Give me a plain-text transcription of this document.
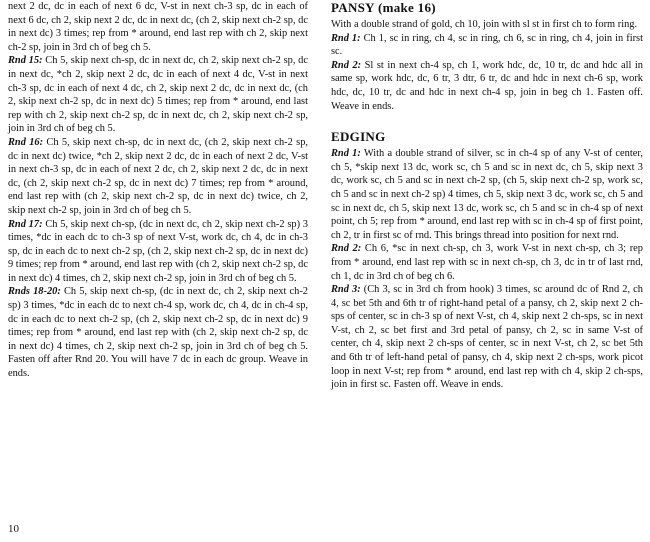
next 2 dc, dc in each of next 6 dc, V-st in next ch-3 sp, dc in each of next 6 dc, ch 2, skip next 2 dc, dc in next dc, (ch 2, skip next ch-2 sp, dc in next dc) 3 times; rep from * around, end last rep with ch 2, skip next ch-2 sp, join in 3rd ch of beg ch 5.

Rnd 15: Ch 5, skip next ch-sp, dc in next dc, ch 2, skip next ch-2 sp, dc in next dc, *ch 2, skip next 2 dc, dc in each of next 4 dc, V-st in next ch-3 sp, dc in each of next 4 dc, ch 2, skip next 2 dc, dc in next dc, (ch 2, skip next ch-2 sp, dc in next dc) 5 times; rep from * around, end last rep with ch 2, skip next ch-2 sp, dc in next dc, ch 2, skip next ch-2 sp, join in 3rd ch of beg ch 5.

Rnd 16: Ch 5, skip next ch-sp, dc in next dc, (ch 2, skip next ch-2 sp, dc in next dc) twice, *ch 2, skip next 2 dc, dc in each of next 2 dc, V-st in next ch-3 sp, dc in each of next 2 dc, ch 2, skip next 2 dc, dc in next dc, (ch 2, skip next ch-2 sp, dc in next dc) 7 times; rep from * around, end last rep with (ch 2, skip next ch-2 sp, dc in next dc) twice, ch 2, skip next ch-2 sp, join in 3rd ch of beg ch 5.

Rnd 17: Ch 5, skip next ch-sp, (dc in next dc, ch 2, skip next ch-2 sp) 3 times, *dc in each dc to ch-3 sp of next V-st, work dc, ch 4, dc in ch-3 sp, dc in each dc to next ch-2 sp, (ch 2, skip next ch-2 sp, dc in next dc) 9 times; rep from * around, end last rep with (ch 2, skip next ch-2 sp, dc in next dc) 4 times, ch 2, skip next ch-2 sp, join in 3rd ch of beg ch 5.

Rnds 18-20: Ch 5, skip next ch-sp, (dc in next dc, ch 2, skip next ch-2 sp) 3 times, *dc in each dc to next ch-4 sp, work dc, ch 4, dc in ch-4 sp, dc in each dc to next ch-2 sp, (ch 2, skip next ch-2 sp, dc in next dc) 9 times; rep from * around, end last rep with (ch 2, skip next ch-2 sp, dc in next dc) 4 times, ch 2, skip next ch-2 sp, join in 3rd ch of beg ch 5. Fasten off after Rnd 20. You will have 7 dc in each dc group. Weave in ends.

PANSY (make 16)

With a double strand of gold, ch 10, join with sl st in first ch to form ring.

Rnd 1: Ch 1, sc in ring, ch 4, sc in ring, ch 6, sc in ring, ch 4, join in first sc.

Rnd 2: Sl st in next ch-4 sp, ch 1, work hdc, dc, 10 tr, dc and hdc all in same sp, work hdc, dc, 6 tr, 3 dtr, 6 tr, dc and hdc in next ch-6 sp, work hdc, dc, 10 tr, dc and hdc in next ch-4 sp, join in beg ch 1. Fasten off. Weave in ends.

EDGING

Rnd 1: With a double strand of silver, sc in ch-4 sp of any V-st of center, ch 5, *skip next 13 dc, work sc, ch 5 and sc in next dc, ch 5, skip next 3 dc, work sc, ch 5 and sc in next ch-2 sp, (ch 5, skip next ch-2 sp, work sc, ch 5 and sc in next ch-2 sp) 4 times, ch 5, skip next 3 dc, work sc, ch 5 and sc in next dc, ch 5, skip next 13 dc, work sc, ch 5 and sc in ch-4 sp of next point, ch 5; rep from * around, end last rep with sc in ch-4 sp of first point, ch 2, tr in first sc of rnd. This brings thread into position for next rnd.

Rnd 2: Ch 6, *sc in next ch-sp, ch 3, work V-st in next ch-sp, ch 3; rep from * around, end last rep with sc in next ch-sp, ch 3, dc in tr of last rnd, ch 1, dc in 3rd ch of beg ch 6.

Rnd 3: (Ch 3, sc in 3rd ch from hook) 3 times, sc around dc of Rnd 2, ch 4, sc bet 5th and 6th tr of right-hand petal of a pansy, ch 2, skip next 2 ch-sps of center, sc in ch-3 sp of next V-st, ch 4, skip next 2 ch-sps, sc in next V-st, ch 2, sc bet first and 3rd petal of pansy, ch 2, sc in same V-st of center, ch 4, skip next 2 ch-sps of center, sc in next V-st, ch 2, sc bet 5th and 6th tr of left-hand petal of pansy, ch 4, skip next 2 ch-sps, work picot loop in next V-st; rep from * around, end last rep with ch 4, skip 2 ch-sps, join in first sc. Fasten off. Weave in ends.

10
